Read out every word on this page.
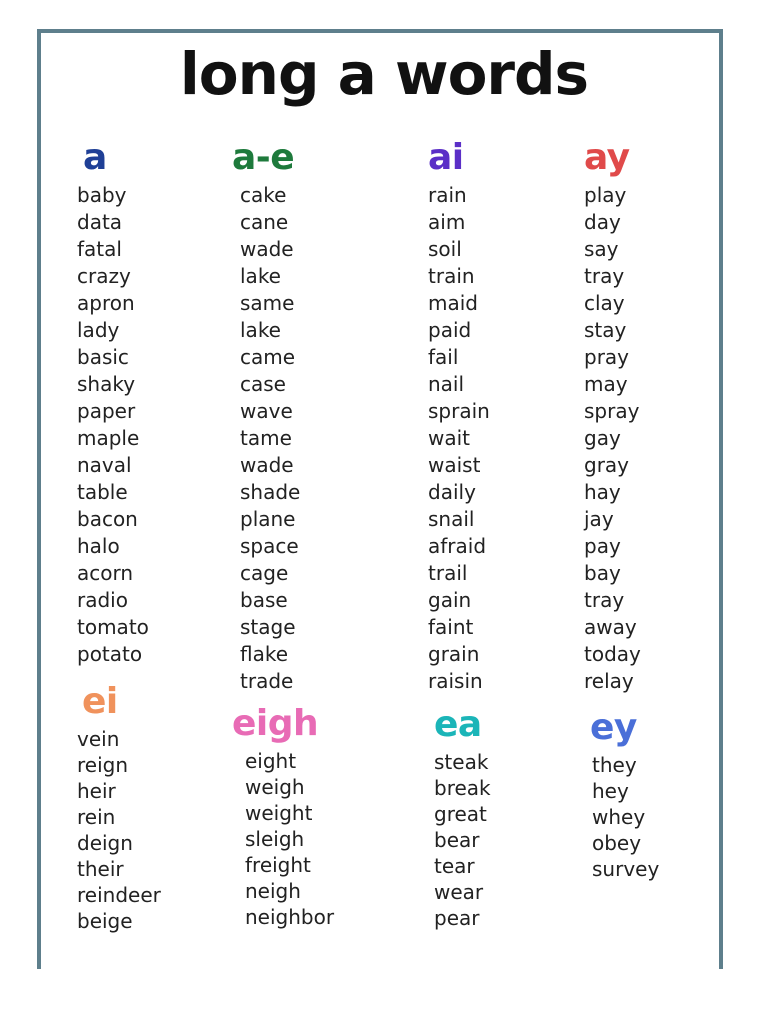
long a words
a
baby
data
fatal
crazy
apron
lady
basic
shaky
paper
maple
naval
table
bacon
halo
acorn
radio
tomato
potato
a-e
cake
cane
wade
lake
same
lake
came
case
wave
tame
wade
shade
plane
space
cage
base
stage
flake
trade
ai
rain
aim
soil
train
maid
paid
fail
nail
sprain
wait
waist
daily
snail
afraid
trail
gain
faint
grain
raisin
ay
play
day
say
tray
clay
stay
pray
may
spray
gay
gray
hay
jay
pay
bay
tray
away
today
relay
ei
vein
reign
heir
rein
deign
their
reindeer
beige
eigh
eight
weigh
weight
sleigh
freight
neigh
neighbor
ea
steak
break
great
bear
tear
wear
pear
ey
they
hey
whey
obey
survey
